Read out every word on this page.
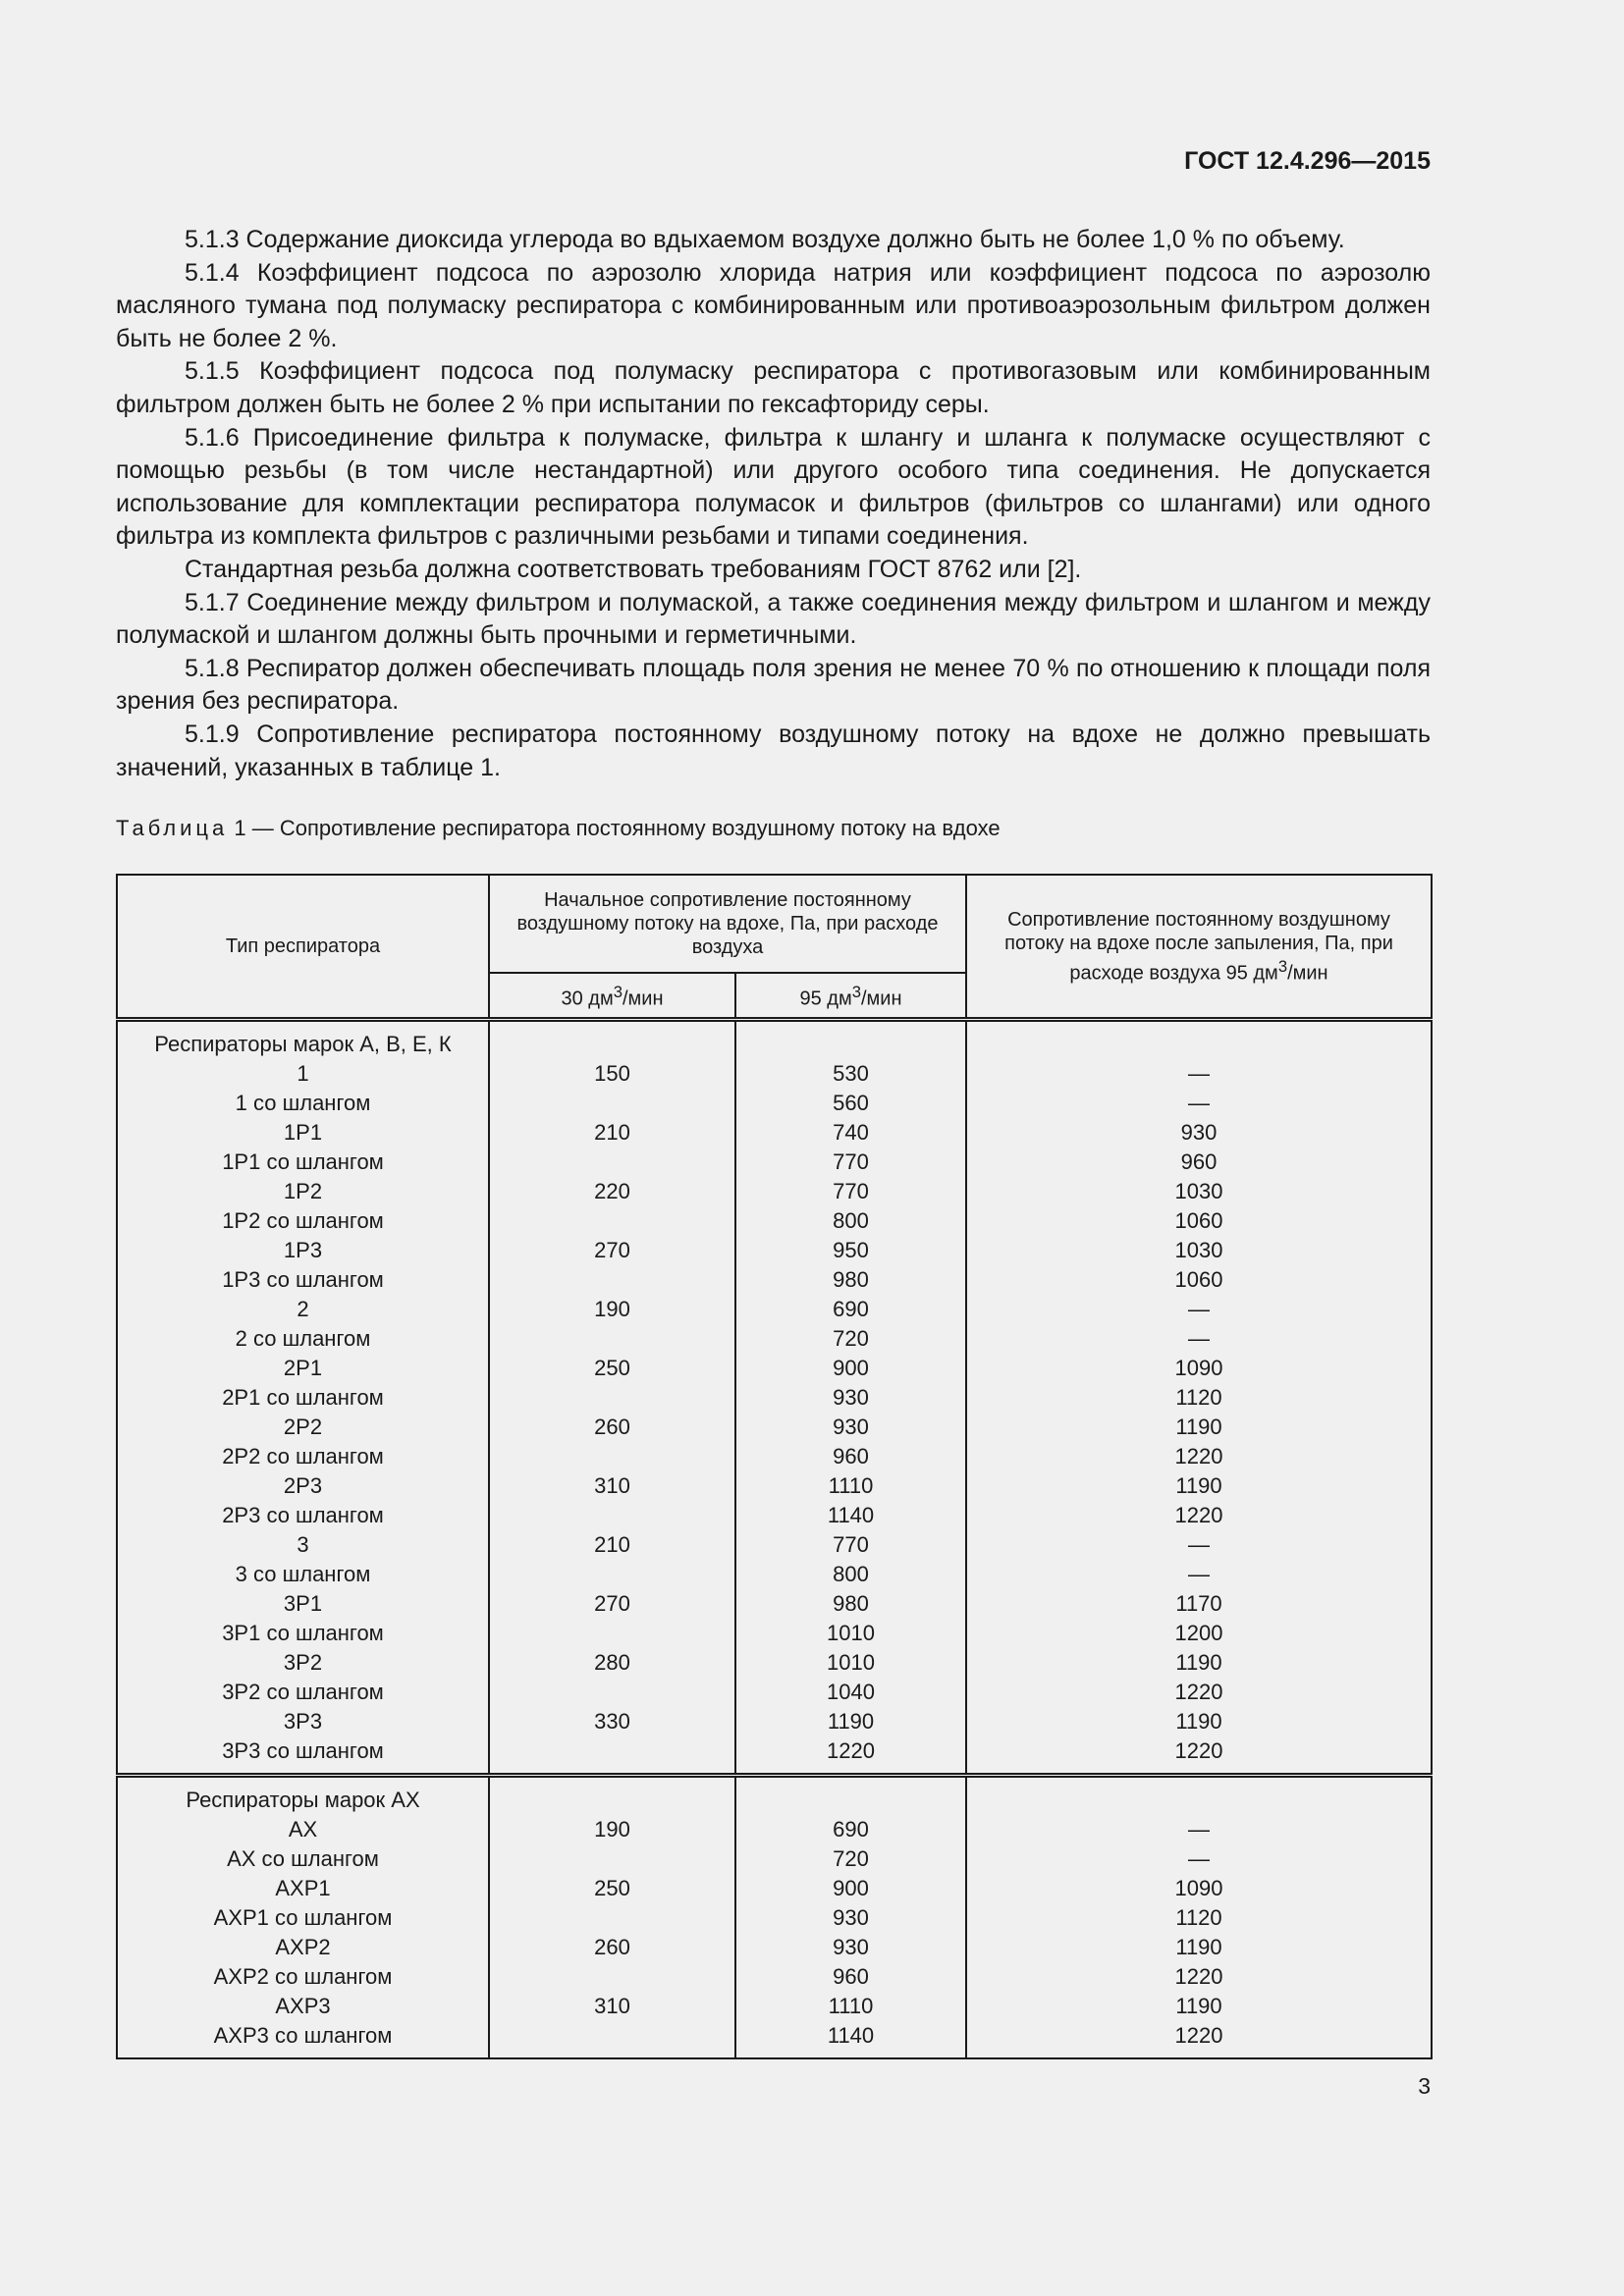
ГОСТ 12.4.296—2015

5.1.3 Содержание диоксида углерода во вдыхаемом воздухе должно быть не более 1,0 % по объему.

5.1.4 Коэффициент подсоса по аэрозолю хлорида натрия или коэффициент подсоса по аэрозолю масляного тумана под полумаску респиратора с комбинированным или противоаэрозольным фильтром должен быть не более 2 %.

5.1.5 Коэффициент подсоса под полумаску респиратора с противогазовым или комбинированным фильтром должен быть не более 2 % при испытании по гексафториду серы.

5.1.6 Присоединение фильтра к полумаске, фильтра к шлангу и шланга к полумаске осуществляют с помощью резьбы (в том числе нестандартной) или другого особого типа соединения. Не допускается использование для комплектации респиратора полумасок и фильтров (фильтров со шлангами) или одного фильтра из комплекта фильтров с различными резьбами и типами соединения.

Стандартная резьба должна соответствовать требованиям ГОСТ 8762 или [2].

5.1.7 Соединение между фильтром и полумаской, а также соединения между фильтром и шлангом и между полумаской и шлангом должны быть прочными и герметичными.

5.1.8 Респиратор должен обеспечивать площадь поля зрения не менее 70 % по отношению к площади поля зрения без респиратора.

5.1.9 Сопротивление респиратора постоянному воздушному потоку на вдохе не должно превышать значений, указанных в таблице 1.

Таблица 1 — Сопротивление респиратора постоянному воздушному потоку на вдохе
Тип респиратора	Начальное сопротивление постоянному воздушному потоку на вдохе, Па, при расходе воздуха		Сопротивление постоянному воздушному потоку на вдохе после запыления, Па, при расходе воздуха 95 $дм^3$/мин
	30 $дм^3$/мин	95 $дм^3$/мин	
Респираторы марок А, В, Е, К			
1	150	530	—
1 со шлангом		560	—
1Р1	210	740	930
1Р1 со шлангом		770	960
1Р2	220	770	1030
1Р2 со шлангом		800	1060
1Р3	270	950	1030
1Р3 со шлангом		980	1060
2	190	690	—
2 со шлангом		720	—
2Р1	250	900	1090
2Р1 со шлангом		930	1120
2Р2	260	930	1190
2Р2 со шлангом		960	1220
2Р3	310	1110	1190
2Р3 со шлангом		1140	1220
3	210	770	—
3 со шлангом		800	—
3Р1	270	980	1170
3Р1 со шлангом		1010	1200
3Р2	280	1010	1190
3Р2 со шлангом		1040	1220
3Р3	330	1190	1190
3Р3 со шлангом		1220	1220
Респираторы марок АХ			
АХ	190	690	—
АХ со шлангом		720	—
АХР1	250	900	1090
АХР1 со шлангом		930	1120
АХР2	260	930	1190
АХР2 со шлангом		960	1220
АХР3	310	1110	1190
АХР3 со шлангом		1140	1220
3
